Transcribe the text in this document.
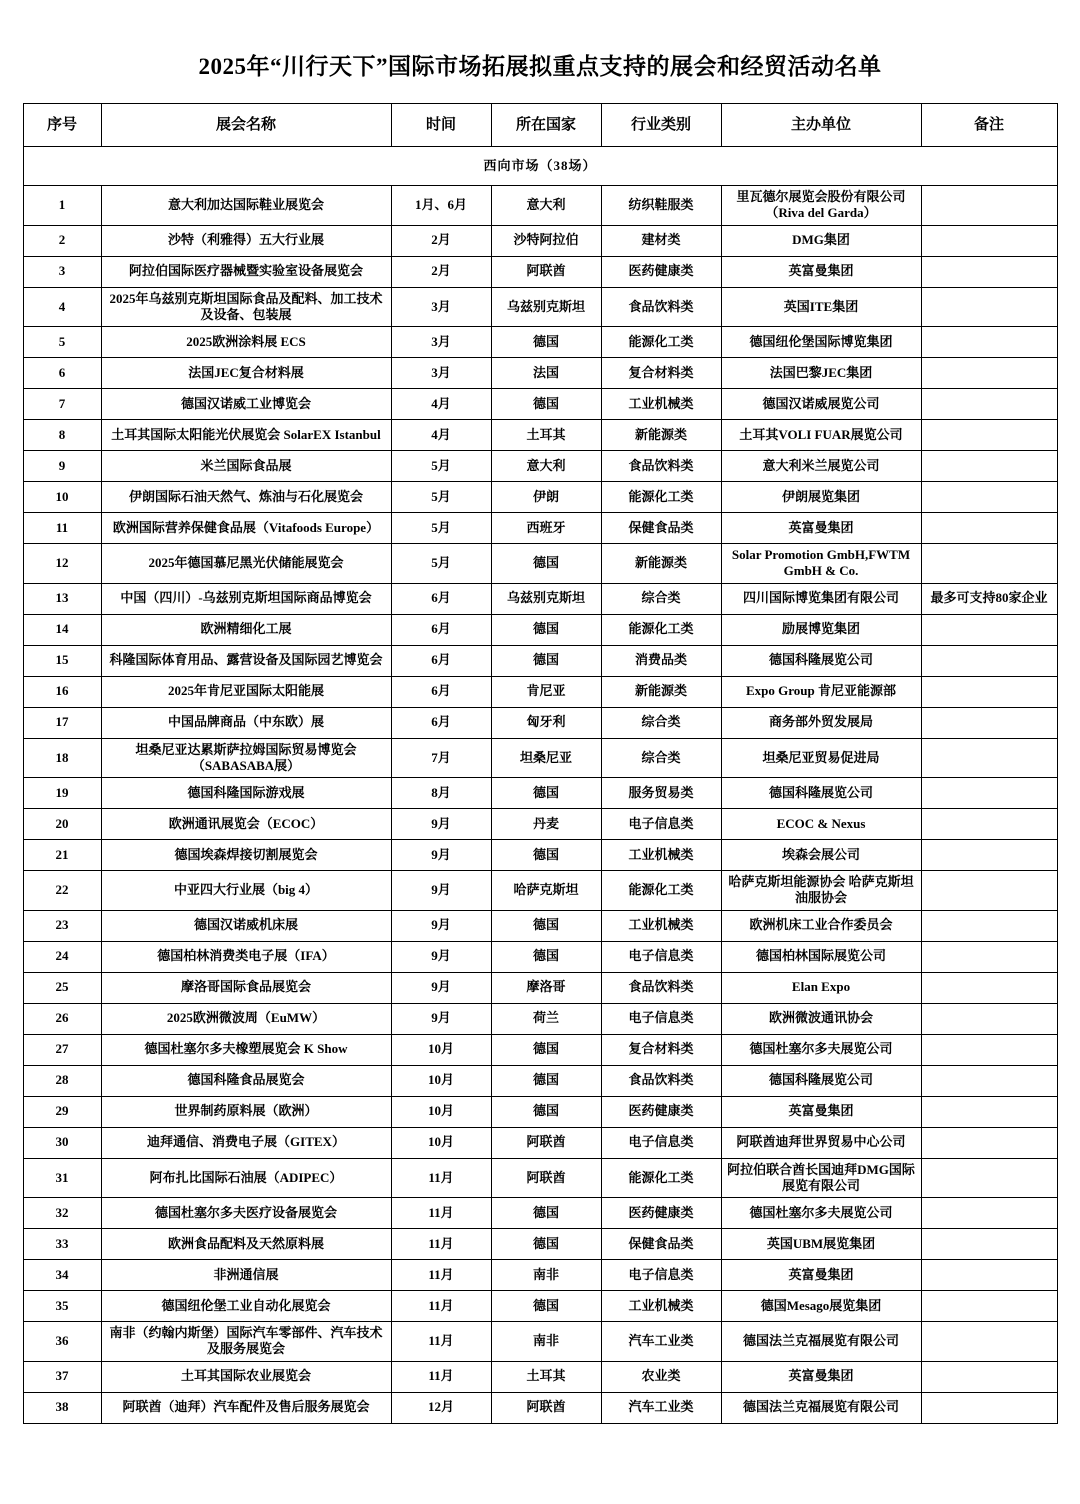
2025年“川行天下”国际市场拓展拟重点支持的展会和经贸活动名单
序号	展会名称	时间	所在国家	行业类别	主办单位	备注
西向市场（38场）						
1	意大利加达国际鞋业展览会	1月、6月	意大利	纺织鞋服类	里瓦德尔展览会股份有限公司（Riva del Garda）	
2	沙特（利雅得）五大行业展	2月	沙特阿拉伯	建材类	DMG集团	
3	阿拉伯国际医疗器械暨实验室设备展览会	2月	阿联酋	医药健康类	英富曼集团	
4	2025年乌兹别克斯坦国际食品及配料、加工技术及设备、包装展	3月	乌兹别克斯坦	食品饮料类	英国ITE集团	
5	2025欧洲涂料展 ECS	3月	德国	能源化工类	德国纽伦堡国际博览集团	
6	法国JEC复合材料展	3月	法国	复合材料类	法国巴黎JEC集团	
7	德国汉诺威工业博览会	4月	德国	工业机械类	德国汉诺威展览公司	
8	土耳其国际太阳能光伏展览会 SolarEX Istanbul	4月	土耳其	新能源类	土耳其VOLI FUAR展览公司	
9	米兰国际食品展	5月	意大利	食品饮料类	意大利米兰展览公司	
10	伊朗国际石油天然气、炼油与石化展览会	5月	伊朗	能源化工类	伊朗展览集团	
11	欧洲国际营养保健食品展（Vitafoods Europe）	5月	西班牙	保健食品类	英富曼集团	
12	2025年德国慕尼黑光伏储能展览会	5月	德国	新能源类	Solar Promotion GmbH,FWTM GmbH & Co.	
13	中国（四川）-乌兹别克斯坦国际商品博览会	6月	乌兹别克斯坦	综合类	四川国际博览集团有限公司	最多可支持80家企业
14	欧洲精细化工展	6月	德国	能源化工类	励展博览集团	
15	科隆国际体育用品、露营设备及国际园艺博览会	6月	德国	消费品类	德国科隆展览公司	
16	2025年肯尼亚国际太阳能展	6月	肯尼亚	新能源类	Expo Group 肯尼亚能源部	
17	中国品牌商品（中东欧）展	6月	匈牙利	综合类	商务部外贸发展局	
18	坦桑尼亚达累斯萨拉姆国际贸易博览会（SABASABA展）	7月	坦桑尼亚	综合类	坦桑尼亚贸易促进局	
19	德国科隆国际游戏展	8月	德国	服务贸易类	德国科隆展览公司	
20	欧洲通讯展览会（ECOC）	9月	丹麦	电子信息类	ECOC & Nexus	
21	德国埃森焊接切割展览会	9月	德国	工业机械类	埃森会展公司	
22	中亚四大行业展（big 4）	9月	哈萨克斯坦	能源化工类	哈萨克斯坦能源协会 哈萨克斯坦油服协会	
23	德国汉诺威机床展	9月	德国	工业机械类	欧洲机床工业合作委员会	
24	德国柏林消费类电子展（IFA）	9月	德国	电子信息类	德国柏林国际展览公司	
25	摩洛哥国际食品展览会	9月	摩洛哥	食品饮料类	Elan Expo	
26	2025欧洲微波周（EuMW）	9月	荷兰	电子信息类	欧洲微波通讯协会	
27	德国杜塞尔多夫橡塑展览会 K Show	10月	德国	复合材料类	德国杜塞尔多夫展览公司	
28	德国科隆食品展览会	10月	德国	食品饮料类	德国科隆展览公司	
29	世界制药原料展（欧洲）	10月	德国	医药健康类	英富曼集团	
30	迪拜通信、消费电子展（GITEX）	10月	阿联酋	电子信息类	阿联酋迪拜世界贸易中心公司	
31	阿布扎比国际石油展（ADIPEC）	11月	阿联酋	能源化工类	阿拉伯联合酋长国迪拜DMG国际展览有限公司	
32	德国杜塞尔多夫医疗设备展览会	11月	德国	医药健康类	德国杜塞尔多夫展览公司	
33	欧洲食品配料及天然原料展	11月	德国	保健食品类	英国UBM展览集团	
34	非洲通信展	11月	南非	电子信息类	英富曼集团	
35	德国纽伦堡工业自动化展览会	11月	德国	工业机械类	德国Mesago展览集团	
36	南非（约翰内斯堡）国际汽车零部件、汽车技术及服务展览会	11月	南非	汽车工业类	德国法兰克福展览有限公司	
37	土耳其国际农业展览会	11月	土耳其	农业类	英富曼集团	
38	阿联酋（迪拜）汽车配件及售后服务展览会	12月	阿联酋	汽车工业类	德国法兰克福展览有限公司	
